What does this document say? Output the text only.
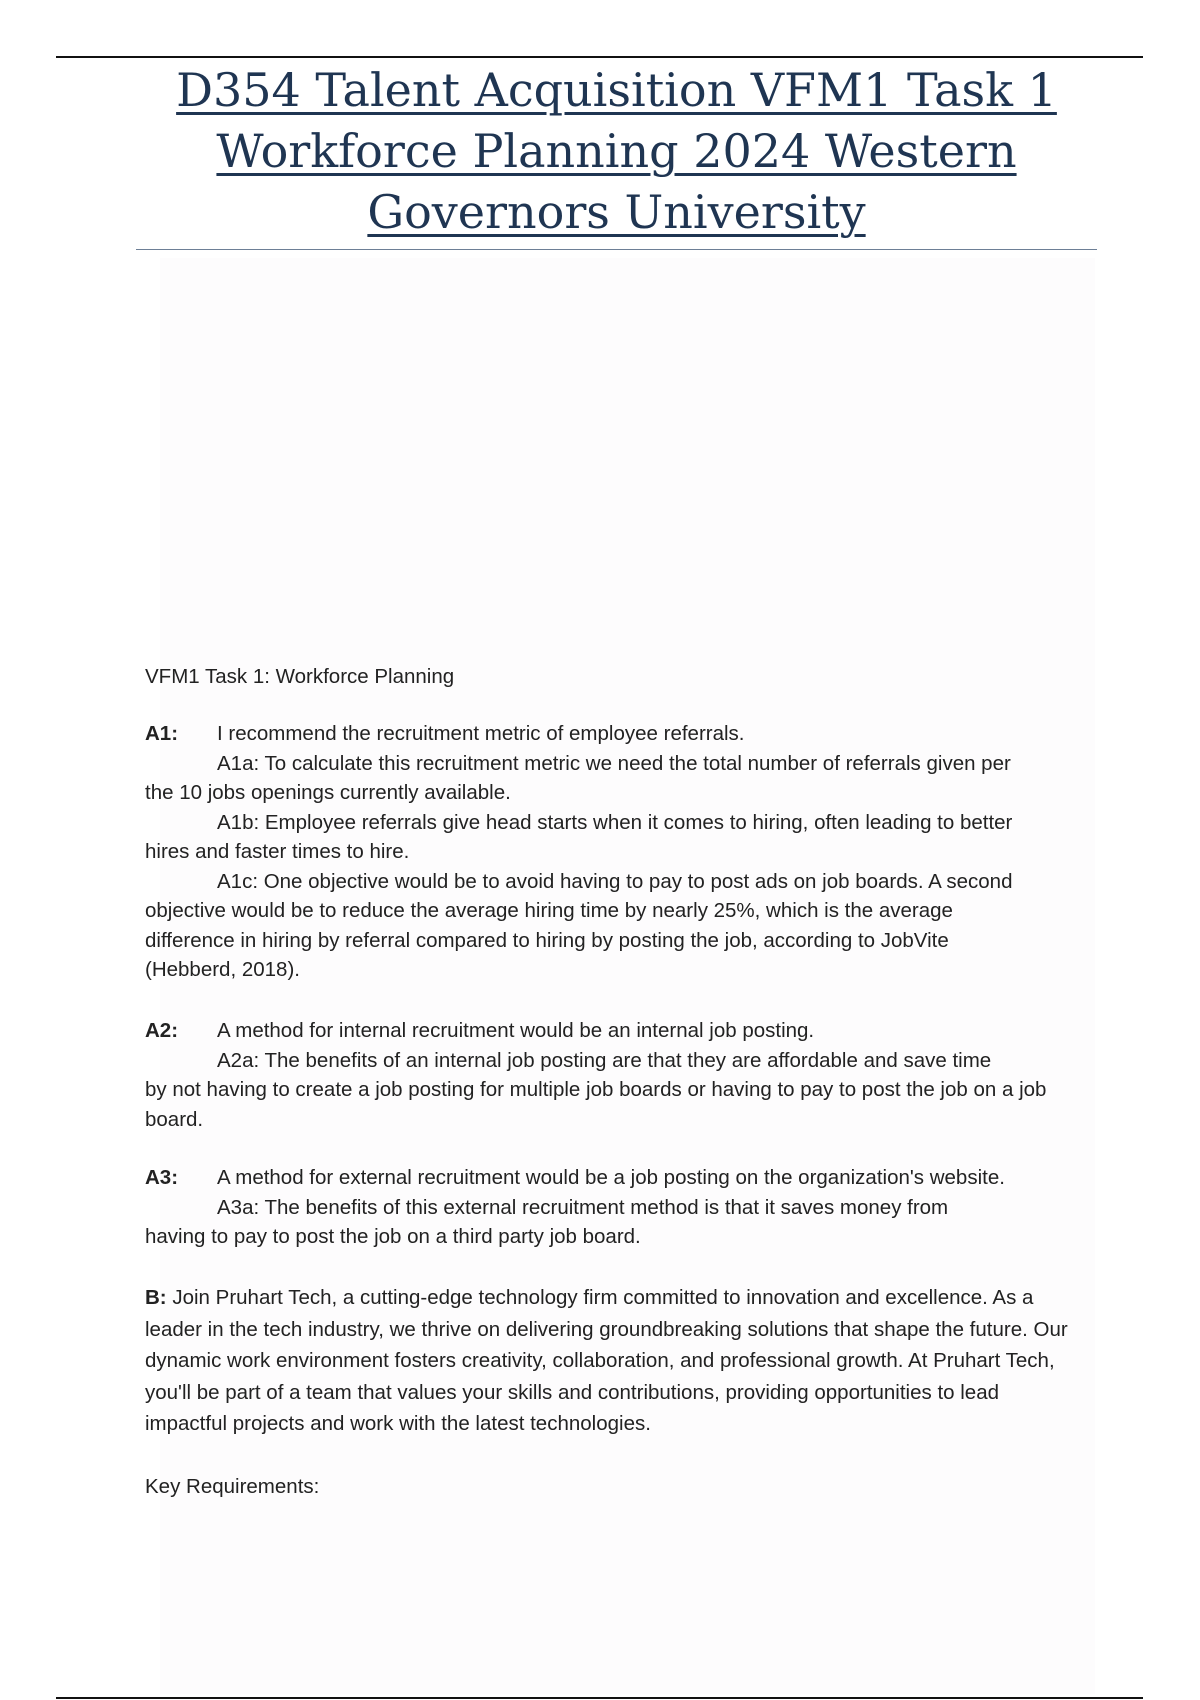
D354 Talent Acquisition VFM1 Task 1
Workforce Planning 2024 Western
Governors University
VFM1 Task 1: Workforce Planning
A1: I recommend the recruitment metric of employee referrals.
A1a: To calculate this recruitment metric we need the total number of referrals given per
the 10 jobs openings currently available.
A1b: Employee referrals give head starts when it comes to hiring, often leading to better
hires and faster times to hire.
A1c: One objective would be to avoid having to pay to post ads on job boards. A second
objective would be to reduce the average hiring time by nearly 25%, which is the average difference in hiring by referral compared to hiring by posting the job, according to JobVite (Hebberd, 2018).
A2: A method for internal recruitment would be an internal job posting.
A2a: The benefits of an internal job posting are that they are affordable and save time
by not having to create a job posting for multiple job boards or having to pay to post the job on a job board.
A3: A method for external recruitment would be a job posting on the organization's website.
A3a: The benefits of this external recruitment method is that it saves money from
having to pay to post the job on a third party job board.
B: Join Pruhart Tech, a cutting-edge technology firm committed to innovation and excellence. As a leader in the tech industry, we thrive on delivering groundbreaking solutions that shape the future. Our dynamic work environment fosters creativity, collaboration, and professional growth. At Pruhart Tech, you'll be part of a team that values your skills and contributions, providing opportunities to lead impactful projects and work with the latest technologies.
Key Requirements:
